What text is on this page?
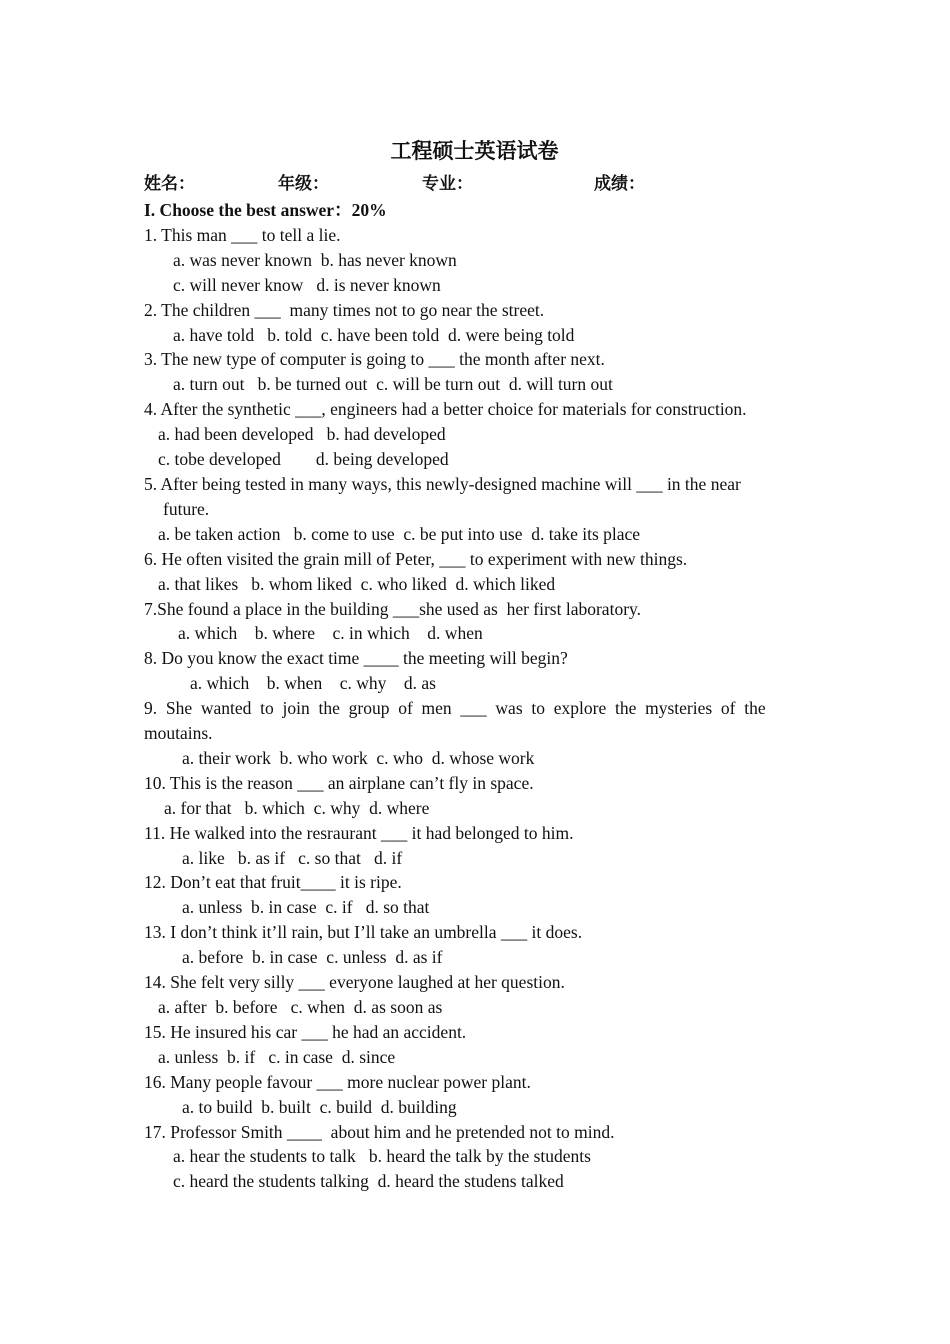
工程硕士英语试卷
姓名：	年级：	专业：	成绩：
I. Choose the best answer：20%
1. This man ___ to tell a lie.
a. was never known  b. has never known
c. will never know   d. is never known
2. The children ___  many times not to go near the street.
a. have told   b. told  c. have been told  d. were being told
3. The new type of computer is going to ___ the month after next.
a. turn out   b. be turned out  c. will be turn out  d. will turn out
4. After the synthetic ___, engineers had a better choice for materials for construction.
a. had been developed   b. had developed
c. tobe developed        d. being developed
5. After being tested in many ways, this newly-designed machine will ___ in the near
future.
a. be taken action   b. come to use  c. be put into use  d. take its place
6. He often visited the grain mill of Peter, ___ to experiment with new things.
a. that likes   b. whom liked  c. who liked  d. which liked
7.She found a place in the building ___she used as  her first laboratory.
a. which    b. where    c. in which    d. when
8. Do you know the exact time ____ the meeting will begin?
a. which    b. when    c. why    d. as
9.  She  wanted  to  join  the  group  of  men  ___  was  to  explore  the  mysteries  of  the
moutains.
a. their work  b. who work  c. who  d. whose work
10. This is the reason ___ an airplane can’t fly in space.
a. for that   b. which  c. why  d. where
11. He walked into the resraurant ___ it had belonged to him.
a. like   b. as if   c. so that   d. if
12. Don’t eat that fruit____ it is ripe.
a. unless  b. in case  c. if   d. so that
13. I don’t think it’ll rain, but I’ll take an umbrella ___ it does.
a. before  b. in case  c. unless  d. as if
14. She felt very silly ___ everyone laughed at her question.
a. after  b. before   c. when  d. as soon as
15. He insured his car ___ he had an accident.
a. unless  b. if   c. in case  d. since
16. Many people favour ___ more nuclear power plant.
a. to build  b. built  c. build  d. building
17. Professor Smith ____  about him and he pretended not to mind.
a. hear the students to talk   b. heard the talk by the students
c. heard the students talking  d. heard the studens talked
